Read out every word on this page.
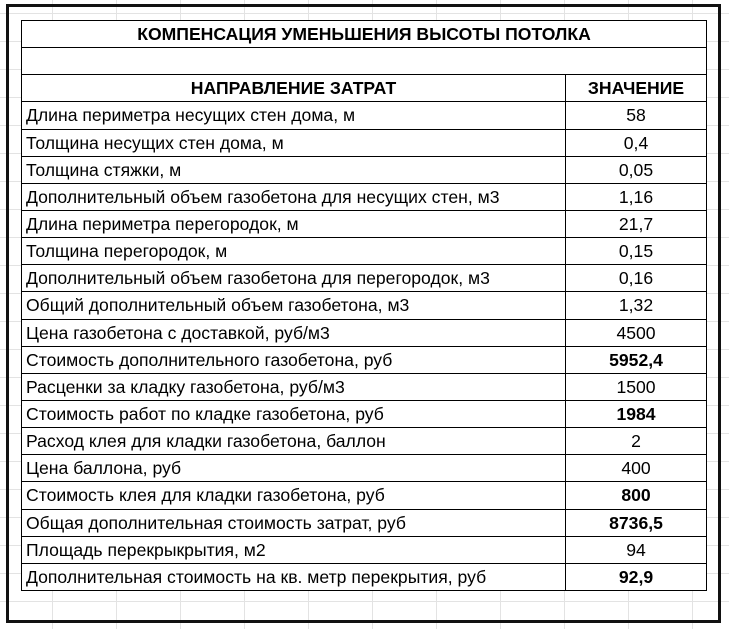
КОМПЕНСАЦИЯ УМЕНЬШЕНИЯ ВЫСОТЫ ПОТОЛКА	

НАПРАВЛЕНИЕ ЗАТРАТ	ЗНАЧЕНИЕ
Длина периметра несущих стен дома, м	58
Толщина несущих стен дома, м	0,4
Толщина стяжки, м	0,05
Дополнительный объем газобетона для несущих стен, м3	1,16
Длина периметра перегородок, м	21,7
Толщина перегородок, м	0,15
Дополнительный объем газобетона для перегородок, м3	0,16
Общий дополнительный объем газобетона, м3	1,32
Цена газобетона с доставкой, руб/м3	4500
Стоимость дополнительного газобетона, руб	5952,4
Расценки за кладку газобетона, руб/м3	1500
Стоимость работ по кладке газобетона, руб	1984
Расход клея для кладки газобетона, баллон	2
Цена баллона, руб	400
Стоимость клея для кладки газобетона, руб	800
Общая дополнительная стоимость затрат, руб	8736,5
Площадь перекрыкрытия, м2	94
Дополнительная стоимость на кв. метр перекрытия, руб	92,9
